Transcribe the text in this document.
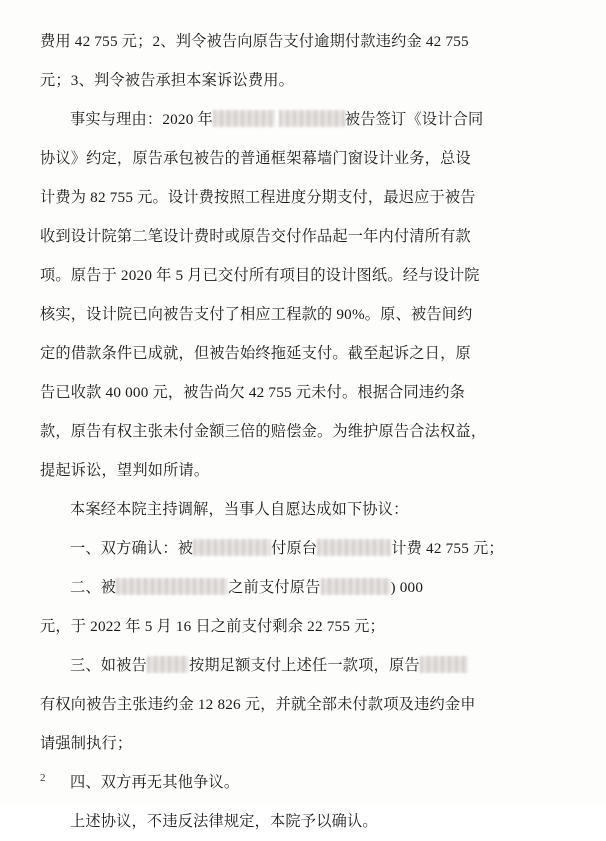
费用 42 755 元；2、判令被告向原告支付逾期付款违约金 42 755

元；3、判令被告承担本案诉讼费用。

事实与理由：2020 年	被告签订《设计合同

协议》约定，原告承包被告的普通框架幕墙门窗设计业务，总设

计费为 82 755 元。设计费按照工程进度分期支付，最迟应于被告

收到设计院第二笔设计费时或原告交付作品起一年内付清所有款

项。原告于 2020 年 5 月已交付所有项目的设计图纸。经与设计院

核实，设计院已向被告支付了相应工程款的 90%。原、被告间约

定的借款条件已成就，但被告始终拖延支付。截至起诉之日，原

告已收款 40 000 元，被告尚欠 42 755 元未付。根据合同违约条

款，原告有权主张未付金额三倍的赔偿金。为维护原告合法权益，

提起诉讼，望判如所请。

本案经本院主持调解，当事人自愿达成如下协议：

一、双方确认：被	付原台	计费 42 755 元；

二、被	之前支付原告	) 000

元，于 2022 年 5 月 16 日之前支付剩余 22 755 元；

三、如被告	按期足额支付上述任一款项，原告

有权向被告主张违约金 12 826 元，并就全部未付款项及违约金申

请强制执行；

四、双方再无其他争议。

上述协议，不违反法律规定，本院予以确认。

2
